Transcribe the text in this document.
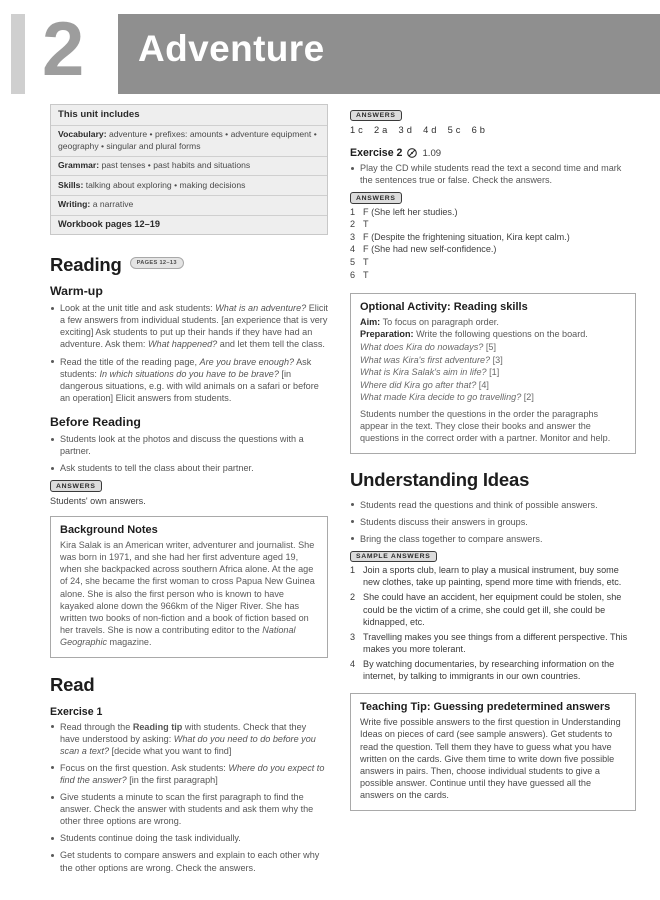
2 Adventure
This unit includes
Vocabulary: adventure • prefixes: amounts • adventure equipment • geography • singular and plural forms
Grammar: past tenses • past habits and situations
Skills: talking about exploring • making decisions
Writing: a narrative
Workbook pages 12–19
Reading	PAGES 12–13
Warm-up
Look at the unit title and ask students: What is an adventure? Elicit a few answers from individual students. [an experience that is very exciting] Ask students to put up their hands if they have had an adventure. Ask them: What happened? and let them tell the class.
Read the title of the reading page, Are you brave enough? Ask students: In which situations do you have to be brave? [in dangerous situations, e.g. with wild animals on a safari or before an operation] Elicit answers from students.
Before Reading
Students look at the photos and discuss the questions with a partner.
Ask students to tell the class about their partner.
ANSWERS

Students' own answers.

Background Notes

Kira Salak is an American writer, adventurer and journalist. She was born in 1971, and she had her first adventure aged 19, when she backpacked across southern Africa alone. At the age of 24, she became the first woman to cross Papua New Guinea alone. She is also the first person who is known to have kayaked alone down the 966km of the Niger River. She has written two books of non-fiction and a book of fiction based on her travels. She is now a contributing editor to the National Geographic magazine.

Read
Exercise 1
Read through the Reading tip with students. Check that they have understood by asking: What do you need to do before you scan a text? [decide what you want to find]
Focus on the first question. Ask students: Where do you expect to find the answer? [in the first paragraph]
Give students a minute to scan the first paragraph to find the answer. Check the answer with students and ask them why the other three options are wrong.
Students continue doing the task individually.
Get students to compare answers and explain to each other why the other options are wrong. Check the answers.
ANSWERS

1 c 2 a 3 d 4 d 5 c 6 b

Exercise 2 1.09
Play the CD while students read the text a second time and mark the sentences true or false. Check the answers.
ANSWERS
1 F (She left her studies.)
2 T
3 F (Despite the frightening situation, Kira kept calm.)
4 F (She had new self-confidence.)
5 T
6 T
Optional Activity: Reading skills

Aim: To focus on paragraph order.

Preparation: Write the following questions on the board.

What does Kira do nowadays? [5]

What was Kira's first adventure? [3]

What is Kira Salak's aim in life? [1]

Where did Kira go after that? [4]

What made Kira decide to go travelling? [2]

Students number the questions in the order the paragraphs appear in the text. They close their books and answer the questions in the correct order with a partner. Monitor and help.

Understanding Ideas
Students read the questions and think of possible answers.
Students discuss their answers in groups.
Bring the class together to compare answers.
SAMPLE ANSWERS
1 Join a sports club, learn to play a musical instrument, buy some new clothes, take up painting, spend more time with friends, etc.
2 She could have an accident, her equipment could be stolen, she could be the victim of a crime, she could get ill, she could be kidnapped, etc.
3 Travelling makes you see things from a different perspective. This makes you more tolerant.
4 By watching documentaries, by researching information on the internet, by talking to immigrants in our own countries.
Teaching Tip: Guessing predetermined answers

Write five possible answers to the first question in Understanding Ideas on pieces of card (see sample answers). Get students to read the question. Tell them they have to guess what you have written on the cards. Give them time to write down five possible answers in pairs. Then, choose individual students to give a possible answer. Continue until they have guessed all the answers on the cards.
